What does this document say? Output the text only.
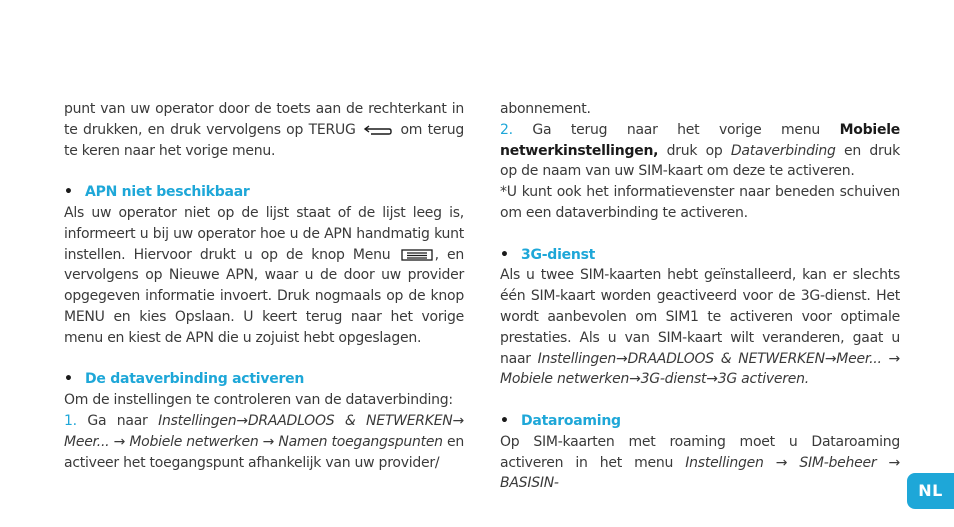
punt van uw operator door de toets aan de rechterkant in te drukken, en druk vervolgens op TERUG	om terug te keren naar het vorige menu.

• APN niet beschikbaar

Als uw operator niet op de lijst staat of de lijst leeg is, informeert u bij uw operator hoe u de APN handmatig kunt instellen. Hiervoor drukt u op de knop Menu	, en vervolgens op Nieuwe APN, waar u de door uw provider opgegeven informatie invoert. Druk nogmaals op de knop MENU en kies Opslaan. U keert terug naar het vorige menu en kiest de APN die u zojuist hebt opgeslagen.

• De dataverbinding activeren

Om de instellingen te controleren van de dataverbinding:

1. Ga naar Instellingen→DRAADLOOS & NETWERKEN→ Meer... → Mobiele netwerken → Namen toegangspunten en activeer het toegangspunt afhankelijk van uw provider/

abonnement.

2. Ga terug naar het vorige menu Mobiele netwerkinstellingen, druk op Dataverbinding en druk op de naam van uw SIM-kaart om deze te activeren.

*U kunt ook het informatievenster naar beneden schuiven om een dataverbinding te activeren.

• 3G-dienst

Als u twee SIM-kaarten hebt geïnstalleerd, kan er slechts één SIM-kaart worden geactiveerd voor de 3G-dienst. Het wordt aanbevolen om SIM1 te activeren voor optimale prestaties. Als u van SIM-kaart wilt veranderen, gaat u naar Instellingen→DRAADLOOS & NETWERKEN→Meer... → Mobiele netwerken→3G-dienst→3G activeren.

• Dataroaming

Op SIM-kaarten met roaming moet u Dataroaming activeren in het menu Instellingen → SIM-beheer → BASISIN-	NL
